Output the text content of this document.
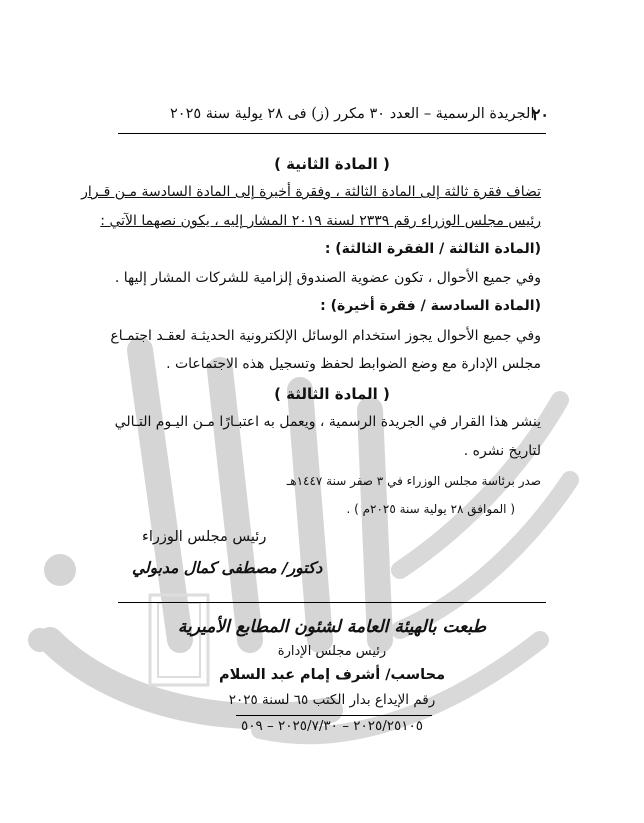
٢٠
الجريدة الرسمية – العدد ٣٠ مكرر (ز) فى ٢٨ يولية سنة ٢٠٢٥
( المادة الثانية )
تضاف فقرة ثالثة إلى المادة الثالثة ، وفقرة أخيرة إلى المادة السادسة مـن قـرار
رئيس مجلس الوزراء رقم ٢٣٣٩ لسنة ٢٠١٩ المشار إليه ، يكون نصهما الآتي :
(المادة الثالثة / الفقرة الثالثة) :
وفي جميع الأحوال ، تكون عضوية الصندوق إلزامية للشركات المشار إليها .
(المادة السادسة / فقرة أخيرة) :
وفي جميع الأحوال يجوز استخدام الوسائل الإلكترونية الحديثـة لعقـد اجتمـاع
مجلس الإدارة مع وضع الضوابط لحفظ وتسجيل هذه الاجتماعات .
( المادة الثالثة )
ينشر هذا القرار في الجريدة الرسمية ، ويعمل به اعتبـارًا مـن اليـوم التـالي
لتاريخ نشره .
صدر برئاسة مجلس الوزراء في ٣ صفر سنة ١٤٤٧هـ
( الموافق ٢٨ يولية سنة ٢٠٢٥م ) .
رئيس مجلس الوزراء
دكتور/ مصطفى كمال مدبولي
طبعت بالهيئة العامة لشئون المطابع الأميرية
رئيس مجلس الإدارة
محاسب/ أشرف إمام عبد السلام
رقم الإيداع بدار الكتب ٦٥ لسنة ٢٠٢٥
٢٠٢٥/٢٥١٠٥ – ٢٠٢٥/٧/٣٠ – ٥٠٩
